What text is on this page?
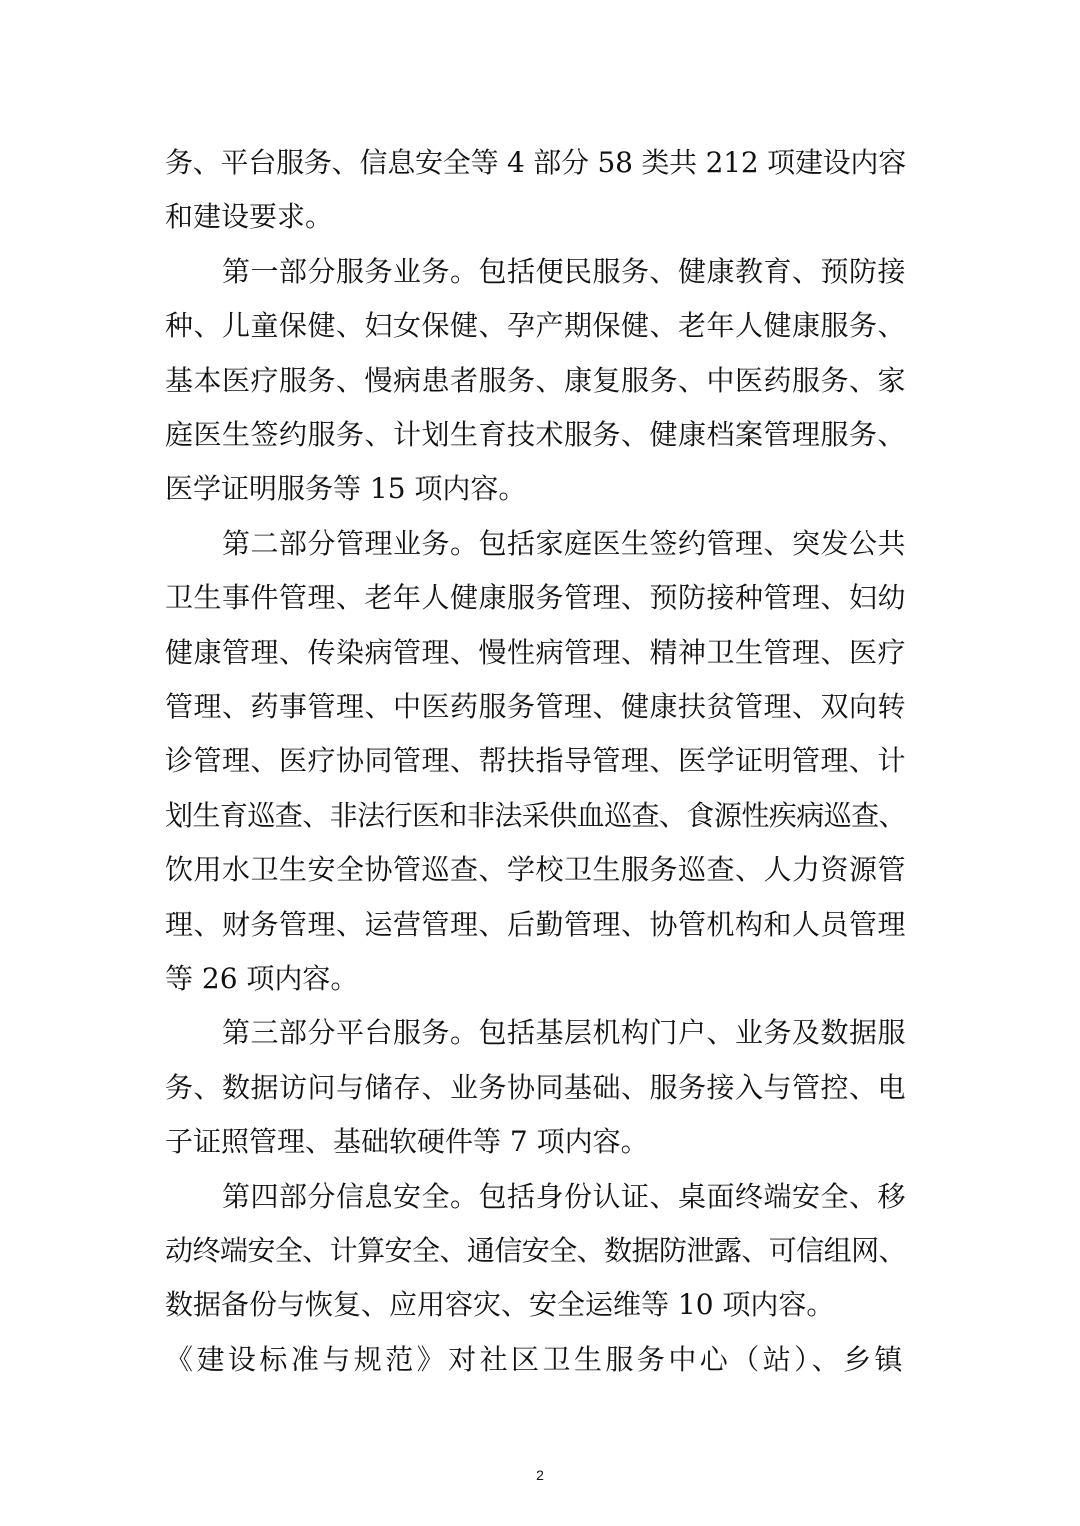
务、平台服务、信息安全等 4 部分 58 类共 212 项建设内容
和建设要求。
第一部分服务业务。包括便民服务、健康教育、预防接
种、儿童保健、妇女保健、孕产期保健、老年人健康服务、
基本医疗服务、慢病患者服务、康复服务、中医药服务、家
庭医生签约服务、计划生育技术服务、健康档案管理服务、
医学证明服务等 15 项内容。
第二部分管理业务。包括家庭医生签约管理、突发公共
卫生事件管理、老年人健康服务管理、预防接种管理、妇幼
健康管理、传染病管理、慢性病管理、精神卫生管理、医疗
管理、药事管理、中医药服务管理、健康扶贫管理、双向转
诊管理、医疗协同管理、帮扶指导管理、医学证明管理、计
划生育巡查、非法行医和非法采供血巡查、食源性疾病巡查、
饮用水卫生安全协管巡查、学校卫生服务巡查、人力资源管
理、财务管理、运营管理、后勤管理、协管机构和人员管理
等 26 项内容。
第三部分平台服务。包括基层机构门户、业务及数据服
务、数据访问与储存、业务协同基础、服务接入与管控、电
子证照管理、基础软硬件等 7 项内容。
第四部分信息安全。包括身份认证、桌面终端安全、移
动终端安全、计算安全、通信安全、数据防泄露、可信组网、
数据备份与恢复、应用容灾、安全运维等 10 项内容。
《建设标准与规范》对社区卫生服务中心（站）、乡镇
2
